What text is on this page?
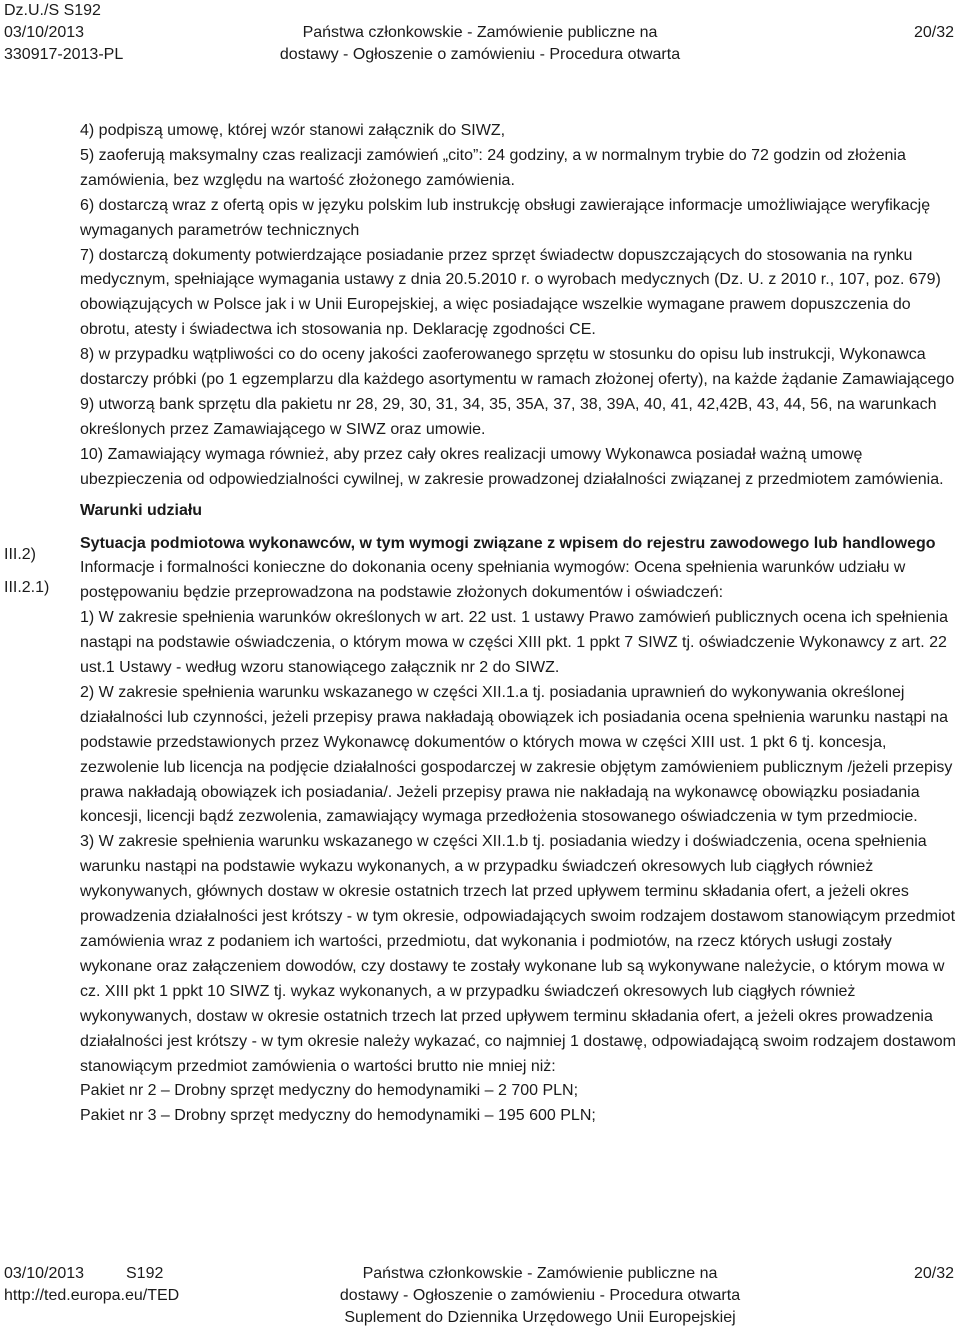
Dz.U./S S192
03/10/2013	Państwa członkowskie - Zamówienie publiczne na	20/32
330917-2013-PL	dostawy - Ogłoszenie o zamówieniu - Procedura otwarta
III.2)
III.2.1)

4) podpiszą umowę, której wzór stanowi załącznik do SIWZ,

5) zaoferują maksymalny czas realizacji zamówień „cito”: 24 godziny, a w normalnym trybie do 72 godzin od złożenia zamówienia, bez względu na wartość złożonego zamówienia.

6) dostarczą wraz z ofertą opis w języku polskim lub instrukcję obsługi zawierające informacje umożliwiające weryfikację wymaganych parametrów technicznych

7) dostarczą dokumenty potwierdzające posiadanie przez sprzęt świadectw dopuszczających do stosowania na rynku medycznym, spełniające wymagania ustawy z dnia 20.5.2010 r. o wyrobach medycznych (Dz. U. z 2010 r., 107, poz. 679) obowiązujących w Polsce jak i w Unii Europejskiej, a więc posiadające wszelkie wymagane prawem dopuszczenia do obrotu, atesty i świadectwa ich stosowania np. Deklarację zgodności CE.

8) w przypadku wątpliwości co do oceny jakości zaoferowanego sprzętu w stosunku do opisu lub instrukcji, Wykonawca dostarczy próbki (po 1 egzemplarzu dla każdego asortymentu w ramach złożonej oferty), na każde żądanie Zamawiającego

9) utworzą bank sprzętu dla pakietu nr 28, 29, 30, 31, 34, 35, 35A, 37, 38, 39A, 40, 41, 42,42B, 43, 44, 56, na warunkach określonych przez Zamawiającego w SIWZ oraz umowie.

10) Zamawiający wymaga również, aby przez cały okres realizacji umowy Wykonawca posiadał ważną umowę ubezpieczenia od odpowiedzialności cywilnej, w zakresie prowadzonej działalności związanej z przedmiotem zamówienia.

Warunki udziału
Sytuacja podmiotowa wykonawców, w tym wymogi związane z wpisem do rejestru zawodowego lub handlowego

Informacje i formalności konieczne do dokonania oceny spełniania wymogów: Ocena spełnienia warunków udziału w postępowaniu będzie przeprowadzona na podstawie złożonych dokumentów i oświadczeń:

1) W zakresie spełnienia warunków określonych w art. 22 ust. 1 ustawy Prawo zamówień publicznych ocena ich spełnienia nastąpi na podstawie oświadczenia, o którym mowa w części XIII pkt. 1 ppkt 7 SIWZ tj. oświadczenie Wykonawcy z art. 22 ust.1 Ustawy - według wzoru stanowiącego załącznik nr 2 do SIWZ.

2) W zakresie spełnienia warunku wskazanego w części XII.1.a tj. posiadania uprawnień do wykonywania określonej działalności lub czynności, jeżeli przepisy prawa nakładają obowiązek ich posiadania ocena spełnienia warunku nastąpi na podstawie przedstawionych przez Wykonawcę dokumentów o których mowa w części XIII ust. 1 pkt 6 tj. koncesja, zezwolenie lub licencja na podjęcie działalności gospodarczej w zakresie objętym zamówieniem publicznym /jeżeli przepisy prawa nakładają obowiązek ich posiadania/. Jeżeli przepisy prawa nie nakładają na wykonawcę obowiązku posiadania koncesji, licencji bądź zezwolenia, zamawiający wymaga przedłożenia stosowanego oświadczenia w tym przedmiocie.

3) W zakresie spełnienia warunku wskazanego w części XII.1.b tj. posiadania wiedzy i doświadczenia, ocena spełnienia warunku nastąpi na podstawie wykazu wykonanych, a w przypadku świadczeń okresowych lub ciągłych również wykonywanych, głównych dostaw w okresie ostatnich trzech lat przed upływem terminu składania ofert, a jeżeli okres prowadzenia działalności jest krótszy - w tym okresie, odpowiadających swoim rodzajem dostawom stanowiącym przedmiot zamówienia wraz z podaniem ich wartości, przedmiotu, dat wykonania i podmiotów, na rzecz których usługi zostały wykonane oraz załączeniem dowodów, czy dostawy te zostały wykonane lub są wykonywane należycie, o którym mowa w cz. XIII pkt 1 ppkt 10 SIWZ tj. wykaz wykonanych, a w przypadku świadczeń okresowych lub ciągłych również wykonywanych, dostaw w okresie ostatnich trzech lat przed upływem terminu składania ofert, a jeżeli okres prowadzenia działalności jest krótszy - w tym okresie należy wykazać, co najmniej 1 dostawę, odpowiadającą swoim rodzajem dostawom stanowiącym przedmiot zamówienia o wartości brutto nie mniej niż:

Pakiet nr 2 – Drobny sprzęt medyczny do hemodynamiki – 2 700 PLN;

Pakiet nr 3 – Drobny sprzęt medyczny do hemodynamiki – 195 600 PLN;

03/10/2013	S192	Państwa członkowskie - Zamówienie publiczne na	20/32
http://ted.europa.eu/TED	dostawy - Ogłoszenie o zamówieniu - Procedura otwarta
Suplement do Dziennika Urzędowego Unii Europejskiej
